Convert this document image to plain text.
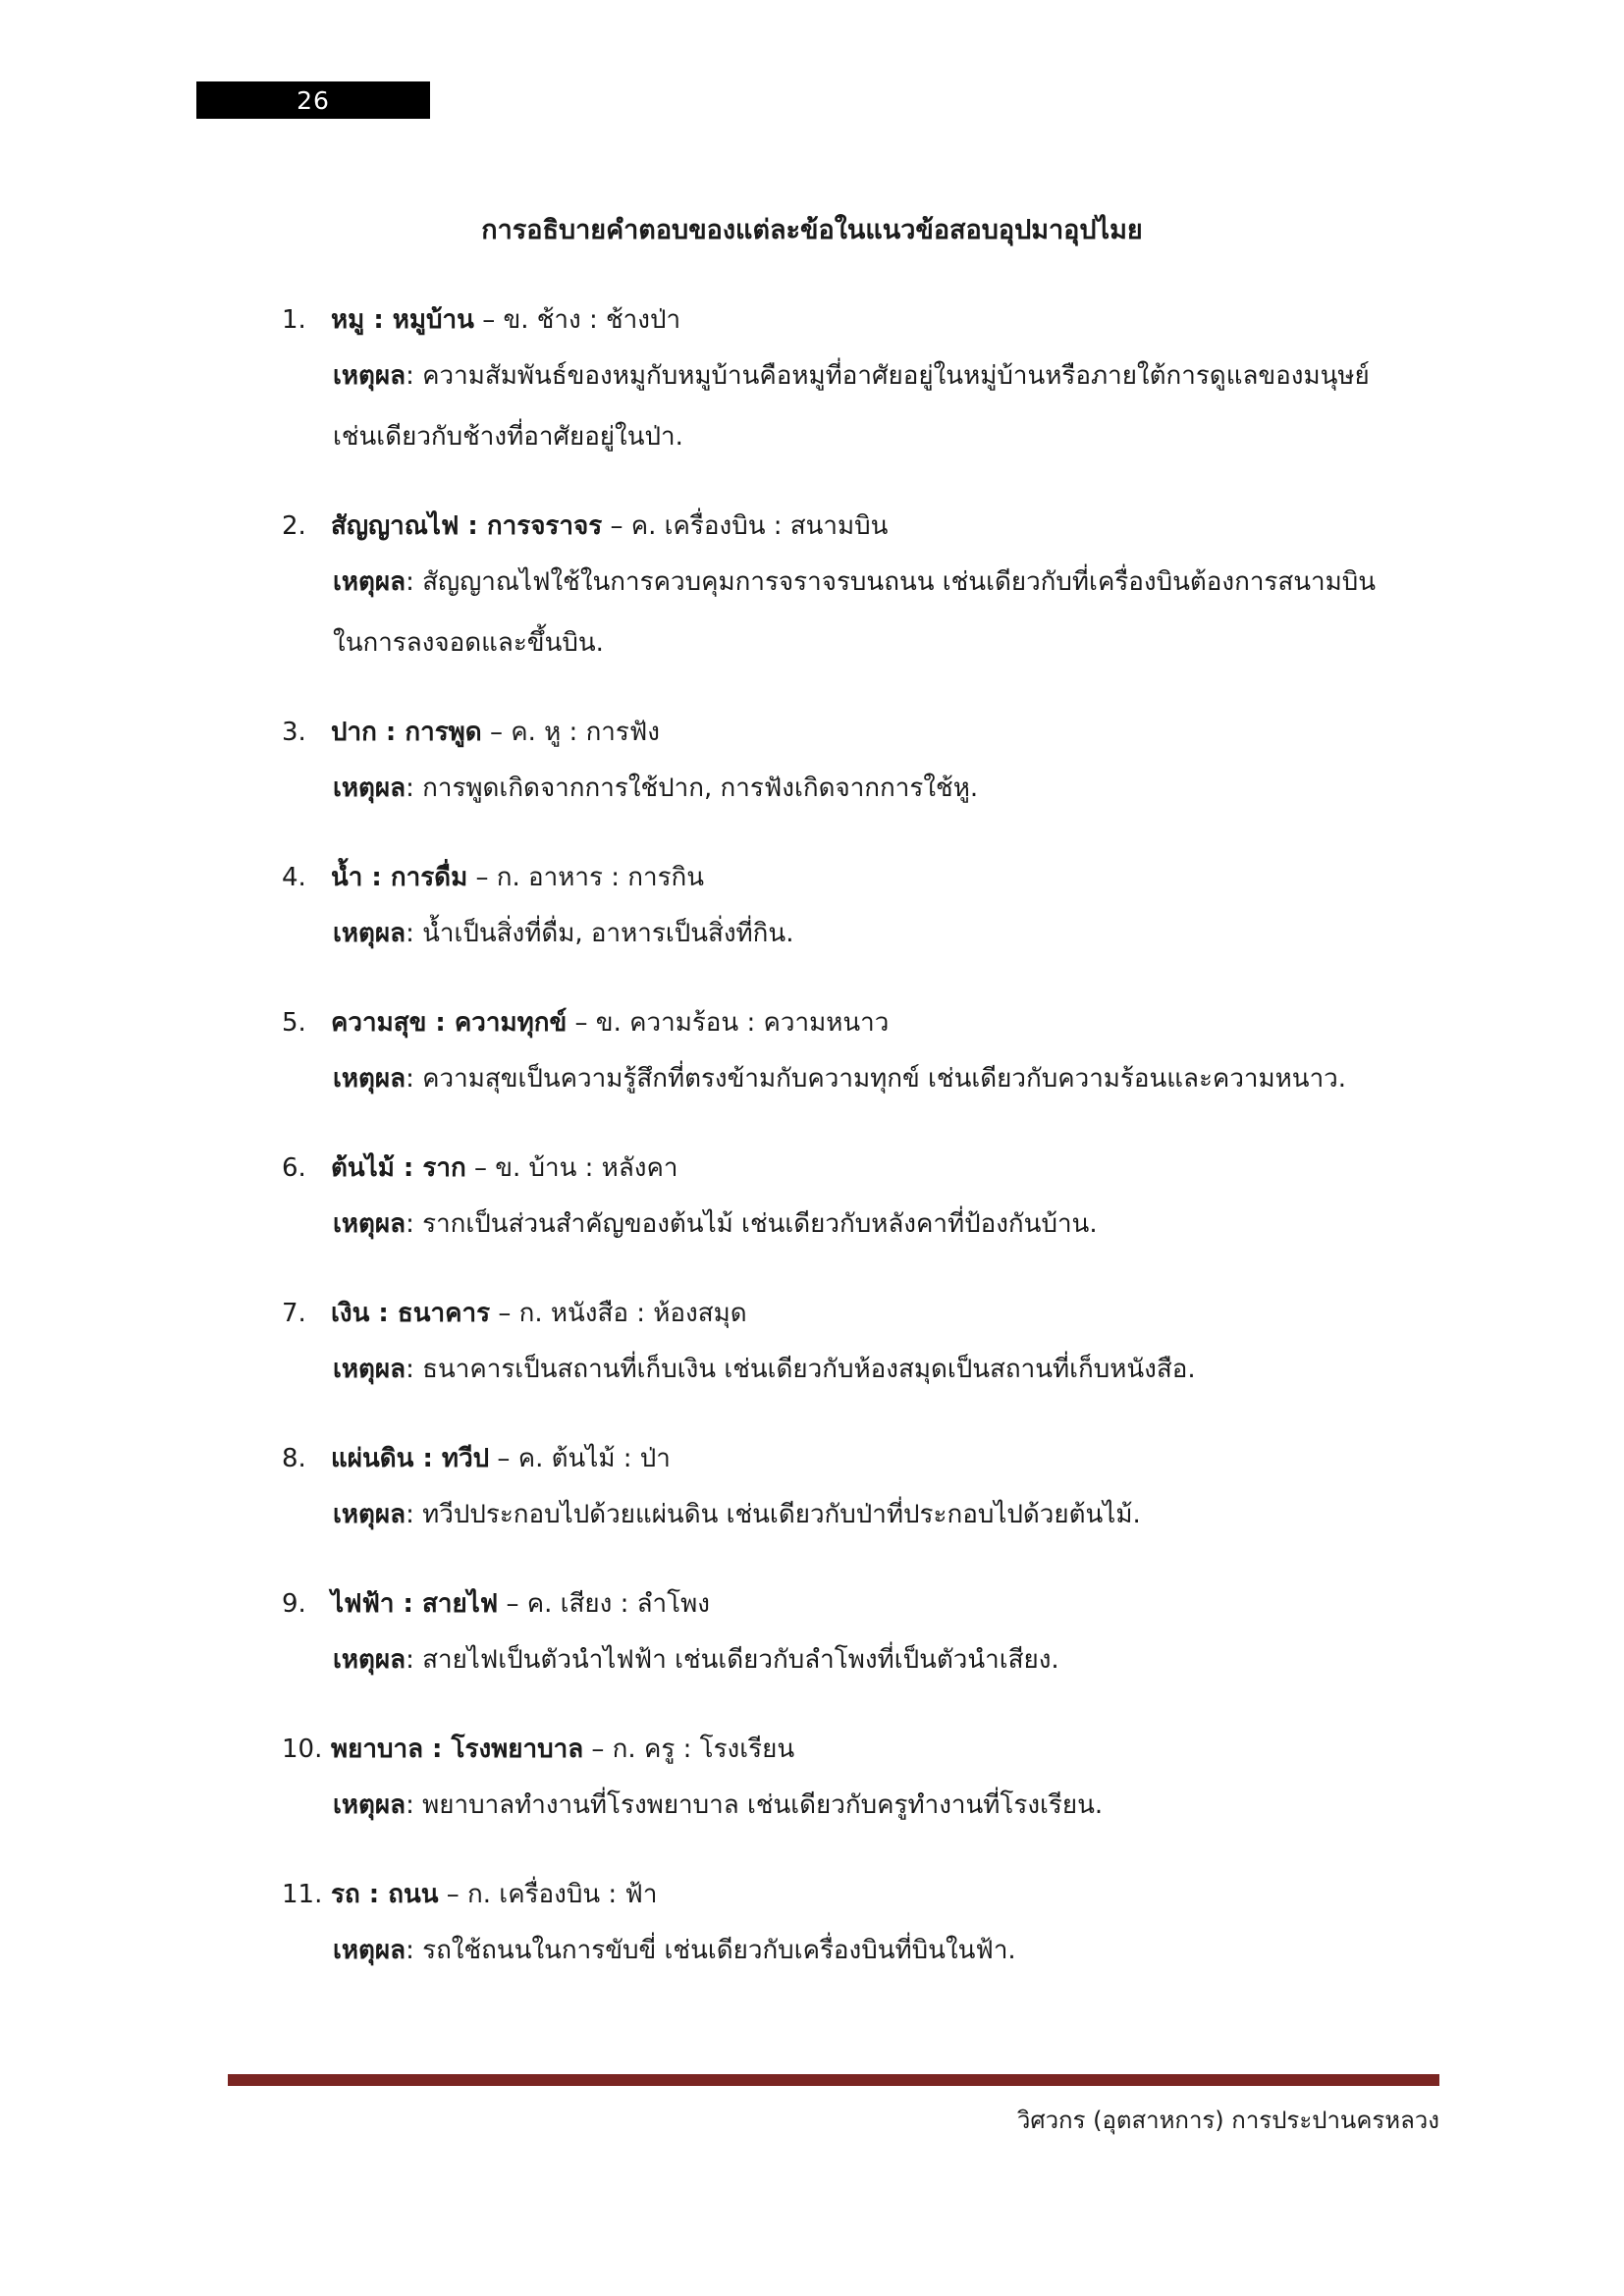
26
การอธิบายคำตอบของแต่ละข้อในแนวข้อสอบอุปมาอุปไมย
1. หมู : หมูบ้าน – ข. ช้าง : ช้างป่า
เหตุผล: ความสัมพันธ์ของหมูกับหมูบ้านคือหมูที่อาศัยอยู่ในหมู่บ้านหรือภายใต้การดูแลของมนุษย์
เช่นเดียวกับช้างที่อาศัยอยู่ในป่า.
2. สัญญาณไฟ : การจราจร – ค. เครื่องบิน : สนามบิน
เหตุผล: สัญญาณไฟใช้ในการควบคุมการจราจรบนถนน เช่นเดียวกับที่เครื่องบินต้องการสนามบิน
ในการลงจอดและขึ้นบิน.
3. ปาก : การพูด – ค. หู : การฟัง
เหตุผล: การพูดเกิดจากการใช้ปาก, การฟังเกิดจากการใช้หู.
4. น้ำ : การดื่ม – ก. อาหาร : การกิน
เหตุผล: น้ำเป็นสิ่งที่ดื่ม, อาหารเป็นสิ่งที่กิน.
5. ความสุข : ความทุกข์ – ข. ความร้อน : ความหนาว
เหตุผล: ความสุขเป็นความรู้สึกที่ตรงข้ามกับความทุกข์ เช่นเดียวกับความร้อนและความหนาว.
6. ต้นไม้ : ราก – ข. บ้าน : หลังคา
เหตุผล: รากเป็นส่วนสำคัญของต้นไม้ เช่นเดียวกับหลังคาที่ป้องกันบ้าน.
7. เงิน : ธนาคาร – ก. หนังสือ : ห้องสมุด
เหตุผล: ธนาคารเป็นสถานที่เก็บเงิน เช่นเดียวกับห้องสมุดเป็นสถานที่เก็บหนังสือ.
8. แผ่นดิน : ทวีป – ค. ต้นไม้ : ป่า
เหตุผล: ทวีปประกอบไปด้วยแผ่นดิน เช่นเดียวกับป่าที่ประกอบไปด้วยต้นไม้.
9. ไฟฟ้า : สายไฟ – ค. เสียง : ลำโพง
เหตุผล: สายไฟเป็นตัวนำไฟฟ้า เช่นเดียวกับลำโพงที่เป็นตัวนำเสียง.
10. พยาบาล : โรงพยาบาล – ก. ครู : โรงเรียน
เหตุผล: พยาบาลทำงานที่โรงพยาบาล เช่นเดียวกับครูทำงานที่โรงเรียน.
11. รถ : ถนน – ก. เครื่องบิน : ฟ้า
เหตุผล: รถใช้ถนนในการขับขี่ เช่นเดียวกับเครื่องบินที่บินในฟ้า.
วิศวกร (อุตสาหการ) การประปานครหลวง
